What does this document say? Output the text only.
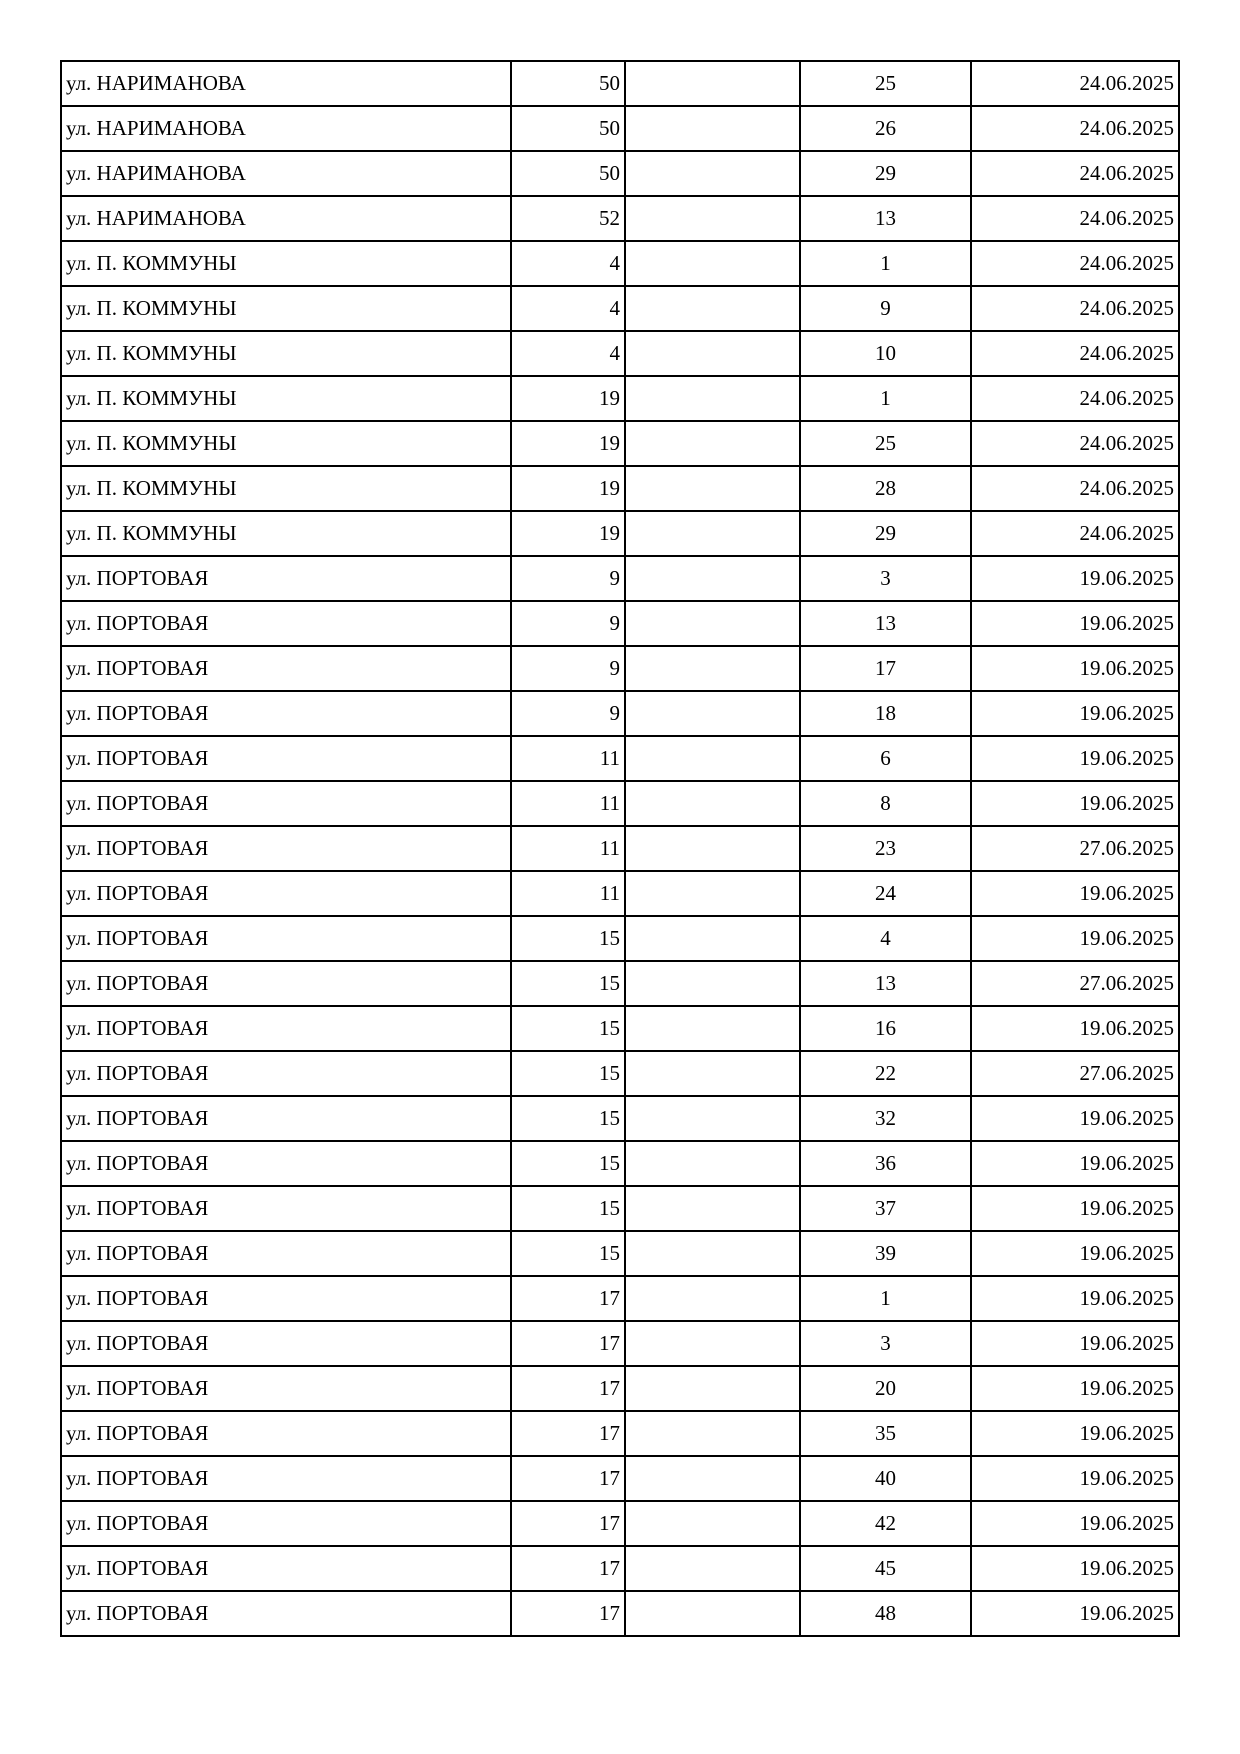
ул. НАРИМАНОВА	50		25	24.06.2025
ул. НАРИМАНОВА	50		26	24.06.2025
ул. НАРИМАНОВА	50		29	24.06.2025
ул. НАРИМАНОВА	52		13	24.06.2025
ул. П. КОММУНЫ	4		1	24.06.2025
ул. П. КОММУНЫ	4		9	24.06.2025
ул. П. КОММУНЫ	4		10	24.06.2025
ул. П. КОММУНЫ	19		1	24.06.2025
ул. П. КОММУНЫ	19		25	24.06.2025
ул. П. КОММУНЫ	19		28	24.06.2025
ул. П. КОММУНЫ	19		29	24.06.2025
ул. ПОРТОВАЯ	9		3	19.06.2025
ул. ПОРТОВАЯ	9		13	19.06.2025
ул. ПОРТОВАЯ	9		17	19.06.2025
ул. ПОРТОВАЯ	9		18	19.06.2025
ул. ПОРТОВАЯ	11		6	19.06.2025
ул. ПОРТОВАЯ	11		8	19.06.2025
ул. ПОРТОВАЯ	11		23	27.06.2025
ул. ПОРТОВАЯ	11		24	19.06.2025
ул. ПОРТОВАЯ	15		4	19.06.2025
ул. ПОРТОВАЯ	15		13	27.06.2025
ул. ПОРТОВАЯ	15		16	19.06.2025
ул. ПОРТОВАЯ	15		22	27.06.2025
ул. ПОРТОВАЯ	15		32	19.06.2025
ул. ПОРТОВАЯ	15		36	19.06.2025
ул. ПОРТОВАЯ	15		37	19.06.2025
ул. ПОРТОВАЯ	15		39	19.06.2025
ул. ПОРТОВАЯ	17		1	19.06.2025
ул. ПОРТОВАЯ	17		3	19.06.2025
ул. ПОРТОВАЯ	17		20	19.06.2025
ул. ПОРТОВАЯ	17		35	19.06.2025
ул. ПОРТОВАЯ	17		40	19.06.2025
ул. ПОРТОВАЯ	17		42	19.06.2025
ул. ПОРТОВАЯ	17		45	19.06.2025
ул. ПОРТОВАЯ	17		48	19.06.2025
